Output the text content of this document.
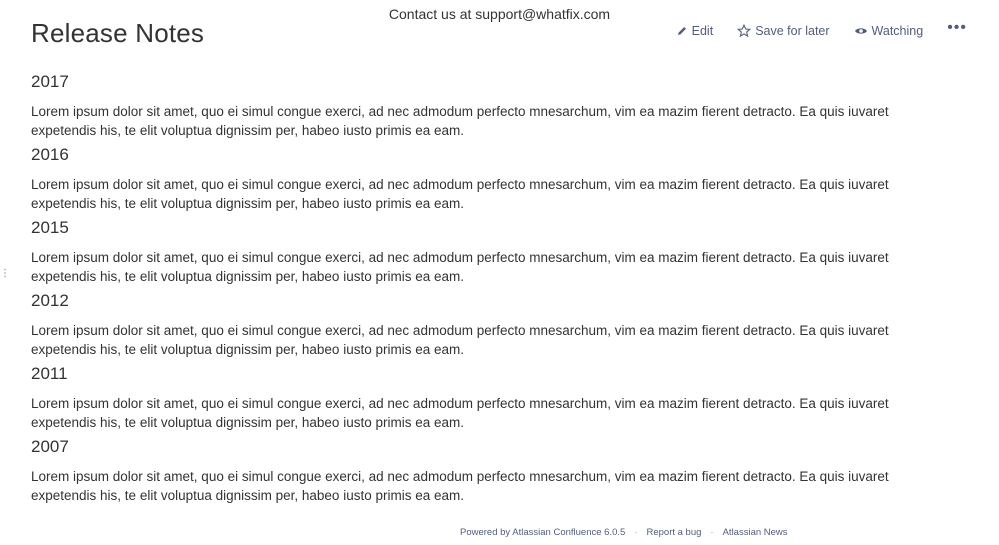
Contact us at support@whatfix.com
Release Notes	Edit	Save for later	Watching •••
⋮
2017

Lorem ipsum dolor sit amet, quo ei simul congue exerci, ad nec admodum perfecto mnesarchum, vim ea mazim fierent detracto. Ea quis iuvaret expetendis his, te elit voluptua dignissim per, habeo iusto primis ea eam.

2016

Lorem ipsum dolor sit amet, quo ei simul congue exerci, ad nec admodum perfecto mnesarchum, vim ea mazim fierent detracto. Ea quis iuvaret expetendis his, te elit voluptua dignissim per, habeo iusto primis ea eam.

2015

Lorem ipsum dolor sit amet, quo ei simul congue exerci, ad nec admodum perfecto mnesarchum, vim ea mazim fierent detracto. Ea quis iuvaret expetendis his, te elit voluptua dignissim per, habeo iusto primis ea eam.

2012

Lorem ipsum dolor sit amet, quo ei simul congue exerci, ad nec admodum perfecto mnesarchum, vim ea mazim fierent detracto. Ea quis iuvaret expetendis his, te elit voluptua dignissim per, habeo iusto primis ea eam.

2011

Lorem ipsum dolor sit amet, quo ei simul congue exerci, ad nec admodum perfecto mnesarchum, vim ea mazim fierent detracto. Ea quis iuvaret expetendis his, te elit voluptua dignissim per, habeo iusto primis ea eam.

2007

Lorem ipsum dolor sit amet, quo ei simul congue exerci, ad nec admodum perfecto mnesarchum, vim ea mazim fierent detracto. Ea quis iuvaret expetendis his, te elit voluptua dignissim per, habeo iusto primis ea eam.

Powered by Atlassian Confluence 6.0.5 · Report a bug · Atlassian News
